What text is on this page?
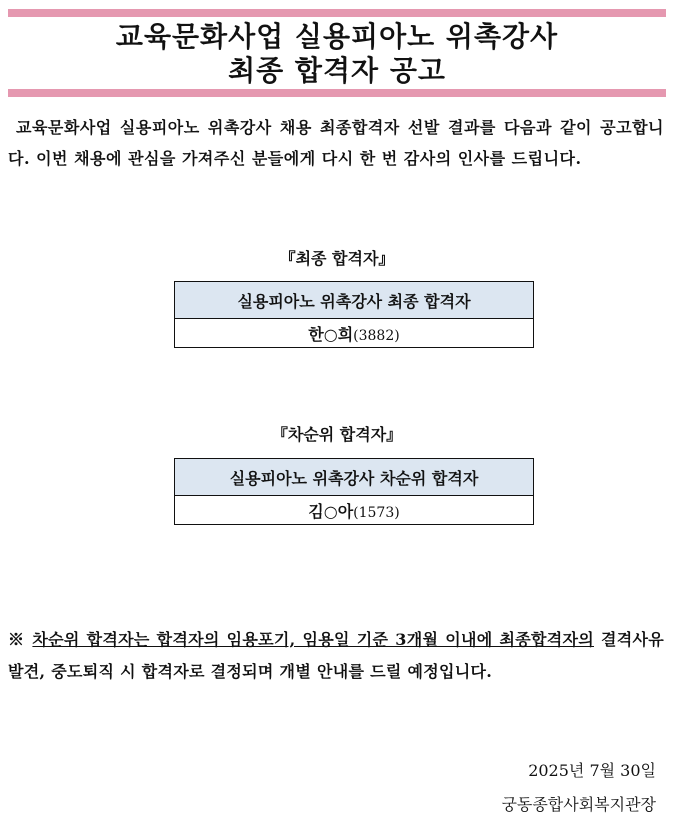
교육문화사업 실용피아노 위촉강사
최종 합격자 공고
교육문화사업 실용피아노 위촉강사 채용 최종합격자 선발 결과를 다음과 같이 공고합니다. 이번 채용에 관심을 가져주신 분들에게 다시 한 번 감사의 인사를 드립니다.
『최종 합격자』
실용피아노 위촉강사 최종 합격자
한○희(3882)
『차순위 합격자』
실용피아노 위촉강사 차순위 합격자
김○아(1573)
※ 차순위 합격자는 합격자의 임용포기, 임용일 기준 3개월 이내에 최종합격자의 결격사유 발견, 중도퇴직 시 합격자로 결정되며 개별 안내를 드릴 예정입니다.
2025년 7월 30일
궁동종합사회복지관장
